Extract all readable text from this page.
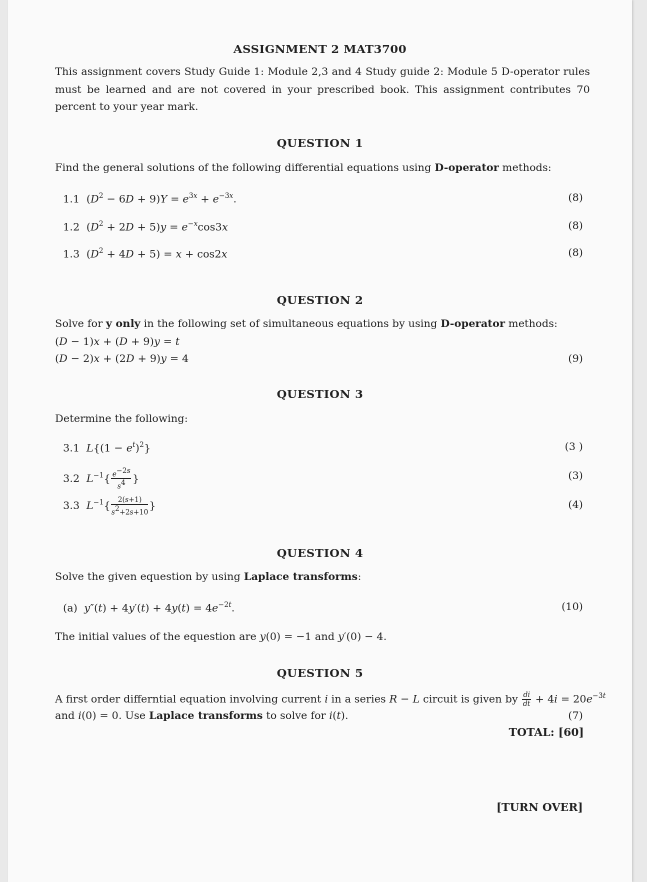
ASSIGNMENT 2 MAT3700
This assignment covers Study Guide 1: Module 2,3 and 4 Study guide 2: Module 5 D-operator rules must be learned and are not covered in your prescribed book. This assignment contributes 70 percent to your year mark.
QUESTION 1
Find the general solutions of the following differential equations using D-operator methods:
1.1  $(D^2 - 6D + 9)Y = e^{3x} + e^{-3x}$.	(8)
1.2  $(D^2 + 2D + 5)y = e^{-x}\cos 3x$	(8)
1.3  $(D^2 + 4D + 5) = x + \cos 2x$	(8)
QUESTION 2
Solve for y only in the following set of simultaneous equations by using D-operator methods:
(D − 1)x + (D + 9)y = t
(D − 2)x + (2D + 9)y = 4	(9)
QUESTION 3
Determine the following:
3.1 $L\{(1 - e^t)^2\}$	(3 )
3.2 $L^{-1}\{ \frac{e^{-2s}}{s^4}$ }	(3)
3.3 $L^{-1}\{ \frac{2(s+1)}{s^2+2s+10}$ }	(4)
QUESTION 4
Solve the given equestion by using Laplace transforms:
(a) $y''(t) + 4y'(t) + 4y(t) = 4e^{-2t}$.	(10)
The initial values of the equestion are y(0) = −1 and y′(0) − 4.
QUESTION 5
A first order differntial equation involving current i in a series R − L circuit is given by $\frac{di}{dt} + 4i = 20e^{-3t}$
and i(0) = 0. Use Laplace transforms to solve for i(t).	(7)
TOTAL: [60]
[TURN OVER]
